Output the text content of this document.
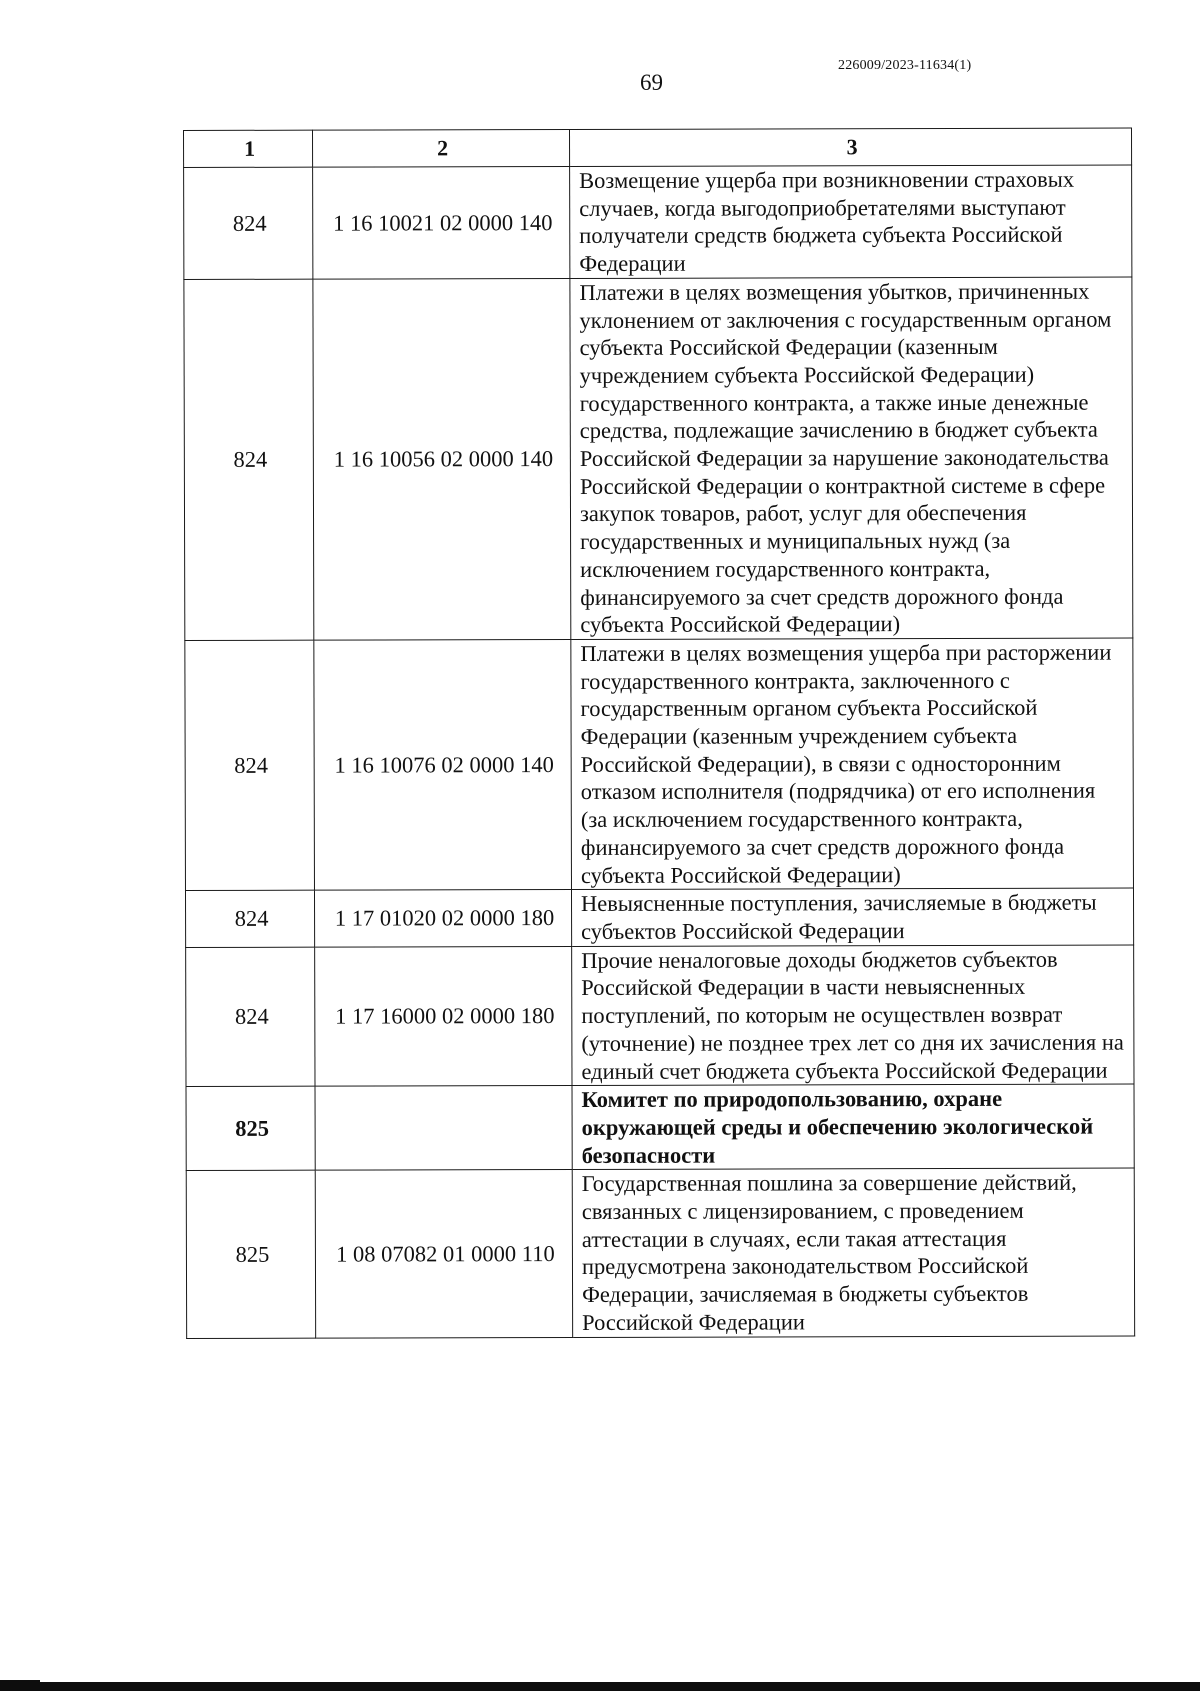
226009/2023-11634(1)
69
1	2	3
824	1 16 10021 02 0000 140	Возмещение ущерба при возникновении страховых случаев, когда выгодоприобретателями выступают получатели средств бюджета субъекта Российской Федерации
824	1 16 10056 02 0000 140	Платежи в целях возмещения убытков, причиненных уклонением от заключения с государственным органом субъекта Российской Федерации (казенным учреждением субъекта Российской Федерации) государственного контракта, а также иные денежные средства, подлежащие зачислению в бюджет субъекта Российской Федерации за нарушение законодательства Российской Федерации о контрактной системе в сфере закупок товаров, работ, услуг для обеспечения государственных и муниципальных нужд (за исключением государственного контракта, финансируемого за счет средств дорожного фонда субъекта Российской Федерации)
824	1 16 10076 02 0000 140	Платежи в целях возмещения ущерба при расторжении государственного контракта, заключенного с государственным органом субъекта Российской Федерации (казенным учреждением субъекта Российской Федерации), в связи с односторонним отказом исполнителя (подрядчика) от его исполнения (за исключением государственного контракта, финансируемого за счет средств дорожного фонда субъекта Российской Федерации)
824	1 17 01020 02 0000 180	Невыясненные поступления, зачисляемые в бюджеты субъектов Российской Федерации
824	1 17 16000 02 0000 180	Прочие неналоговые доходы бюджетов субъектов Российской Федерации в части невыясненных поступлений, по которым не осуществлен возврат (уточнение) не позднее трех лет со дня их зачисления на единый счет бюджета субъекта Российской Федерации
825		Комитет по природопользованию, охране окружающей среды и обеспечению экологической безопасности
825	1 08 07082 01 0000 110	Государственная пошлина за совершение действий, связанных с лицензированием, с проведением аттестации в случаях, если такая аттестация предусмотрена законодательством Российской Федерации, зачисляемая в бюджеты субъектов Российской Федерации
